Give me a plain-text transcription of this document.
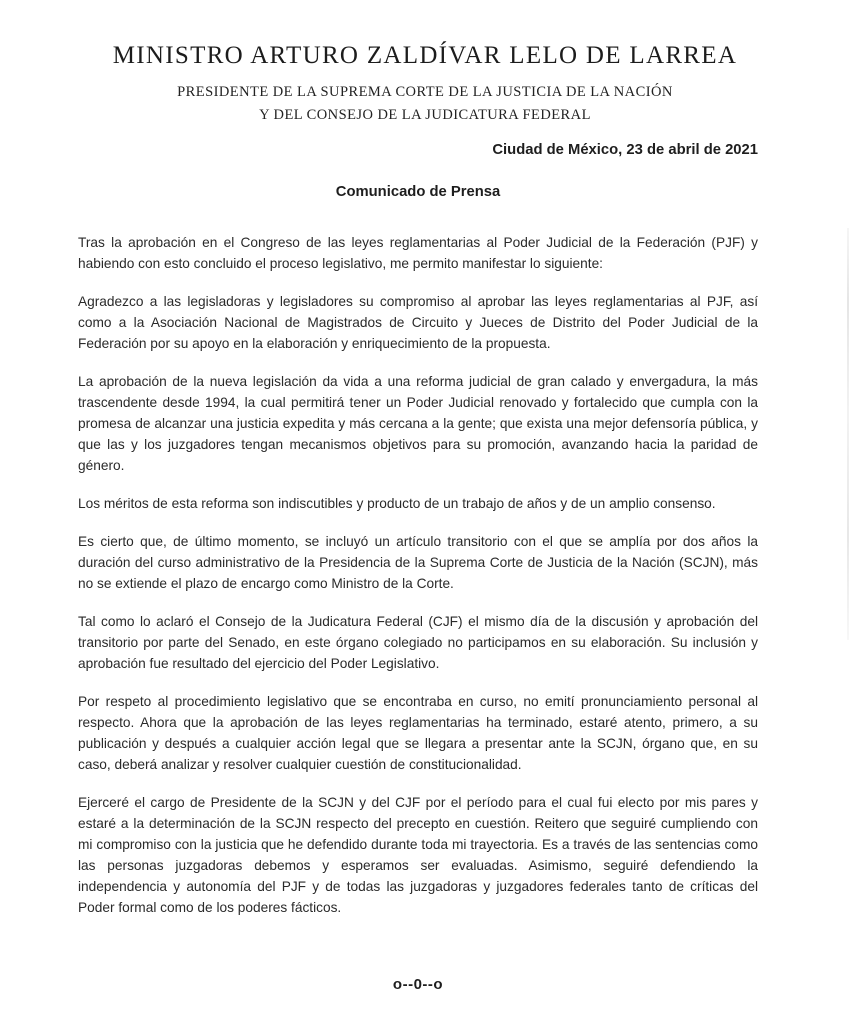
MINISTRO ARTURO ZALDÍVAR LELO DE LARREA
PRESIDENTE DE LA SUPREMA CORTE DE LA JUSTICIA DE LA NACIÓN
Y DEL CONSEJO DE LA JUDICATURA FEDERAL
Ciudad de México, 23 de abril de 2021
Comunicado de Prensa

Tras la aprobación en el Congreso de las leyes reglamentarias al Poder Judicial de la Federación (PJF) y habiendo con esto concluido el proceso legislativo, me permito manifestar lo siguiente:

Agradezco a las legisladoras y legisladores su compromiso al aprobar las leyes reglamentarias al PJF, así como a la Asociación Nacional de Magistrados de Circuito y Jueces de Distrito del Poder Judicial de la Federación por su apoyo en la elaboración y enriquecimiento de la propuesta.

La aprobación de la nueva legislación da vida a una reforma judicial de gran calado y envergadura, la más trascendente desde 1994, la cual permitirá tener un Poder Judicial renovado y fortalecido que cumpla con la promesa de alcanzar una justicia expedita y más cercana a la gente; que exista una mejor defensoría pública, y que las y los juzgadores tengan mecanismos objetivos para su promoción, avanzando hacia la paridad de género.

Los méritos de esta reforma son indiscutibles y producto de un trabajo de años y de un amplio consenso.

Es cierto que, de último momento, se incluyó un artículo transitorio con el que se amplía por dos años la duración del curso administrativo de la Presidencia de la Suprema Corte de Justicia de la Nación (SCJN), más no se extiende el plazo de encargo como Ministro de la Corte.

Tal como lo aclaró el Consejo de la Judicatura Federal (CJF) el mismo día de la discusión y aprobación del transitorio por parte del Senado, en este órgano colegiado no participamos en su elaboración. Su inclusión y aprobación fue resultado del ejercicio del Poder Legislativo.

Por respeto al procedimiento legislativo que se encontraba en curso, no emití pronunciamiento personal al respecto. Ahora que la aprobación de las leyes reglamentarias ha terminado, estaré atento, primero, a su publicación y después a cualquier acción legal que se llegara a presentar ante la SCJN, órgano que, en su caso, deberá analizar y resolver cualquier cuestión de constitucionalidad.

Ejerceré el cargo de Presidente de la SCJN y del CJF por el período para el cual fui electo por mis pares y estaré a la determinación de la SCJN respecto del precepto en cuestión. Reitero que seguiré cumpliendo con mi compromiso con la justicia que he defendido durante toda mi trayectoria. Es a través de las sentencias como las personas juzgadoras debemos y esperamos ser evaluadas. Asimismo, seguiré defendiendo la independencia y autonomía del PJF y de todas las juzgadoras y juzgadores federales tanto de críticas del Poder formal como de los poderes fácticos.

o--0--o
